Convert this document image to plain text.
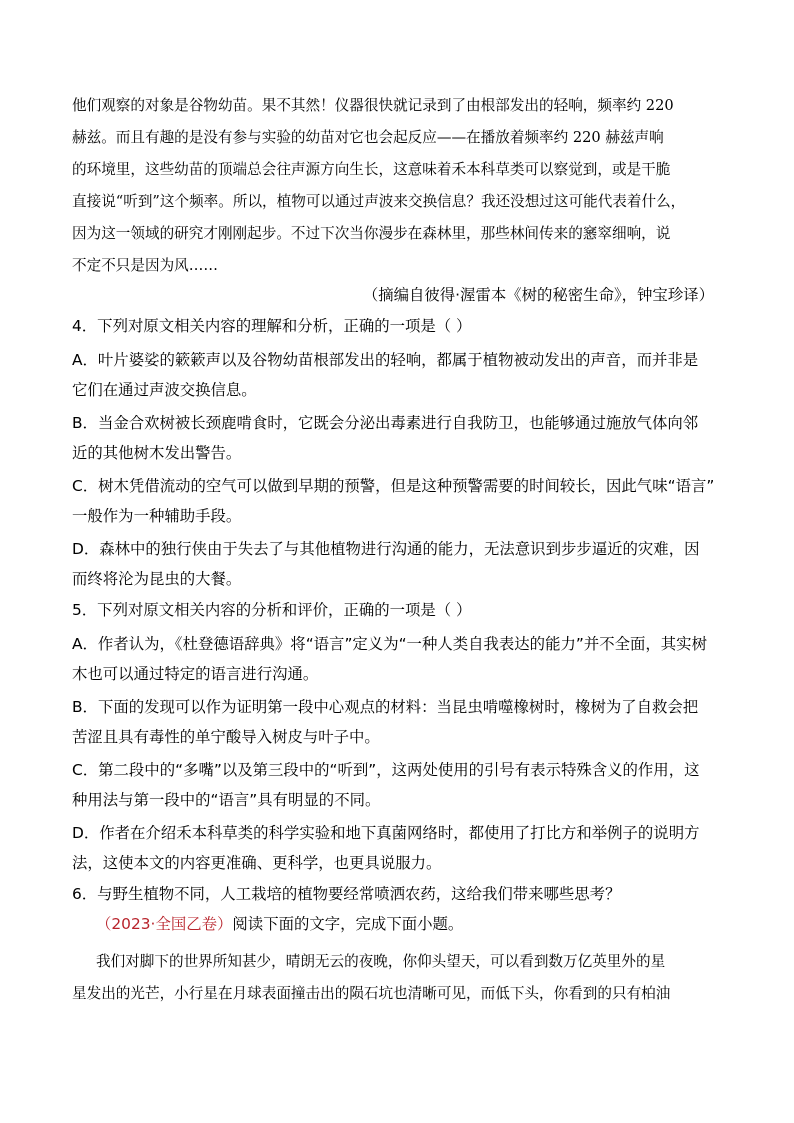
他们观察的对象是谷物幼苗。果不其然！仪器很快就记录到了由根部发出的轻响，频率约 220
赫兹。而且有趣的是没有参与实验的幼苗对它也会起反应——在播放着频率约 220 赫兹声响
的环境里，这些幼苗的顶端总会往声源方向生长，这意味着禾本科草类可以察觉到，或是干脆
直接说“听到”这个频率。所以，植物可以通过声波来交换信息？我还没想过这可能代表着什么，
因为这一领域的研究才刚刚起步。不过下次当你漫步在森林里，那些林间传来的窸窣细响，说
不定不只是因为风……
（摘编自彼得·渥雷本《树的秘密生命》，钟宝珍译）
4．下列对原文相关内容的理解和分析，正确的一项是（ ）
A．叶片婆娑的簌簌声以及谷物幼苗根部发出的轻响，都属于植物被动发出的声音，而并非是
它们在通过声波交换信息。
B．当金合欢树被长颈鹿啃食时，它既会分泌出毒素进行自我防卫，也能够通过施放气体向邻
近的其他树木发出警告。
C．树木凭借流动的空气可以做到早期的预警，但是这种预警需要的时间较长，因此气味“语言”
一般作为一种辅助手段。
D．森林中的独行侠由于失去了与其他植物进行沟通的能力，无法意识到步步逼近的灾难，因
而终将沦为昆虫的大餐。
5．下列对原文相关内容的分析和评价，正确的一项是（ ）
A．作者认为，《杜登德语辞典》将“语言”定义为“一种人类自我表达的能力”并不全面，其实树
木也可以通过特定的语言进行沟通。
B．下面的发现可以作为证明第一段中心观点的材料：当昆虫啃噬橡树时，橡树为了自救会把
苦涩且具有毒性的单宁酸导入树皮与叶子中。
C．第二段中的“多嘴”以及第三段中的“听到”，这两处使用的引号有表示特殊含义的作用，这
种用法与第一段中的“语言”具有明显的不同。
D．作者在介绍禾本科草类的科学实验和地下真菌网络时，都使用了打比方和举例子的说明方
法，这使本文的内容更准确、更科学，也更具说服力。
6．与野生植物不同，人工栽培的植物要经常喷洒农药，这给我们带来哪些思考？
（2023·全国乙卷）阅读下面的文字，完成下面小题。
我们对脚下的世界所知甚少，晴朗无云的夜晚，你仰头望天，可以看到数万亿英里外的星
星发出的光芒，小行星在月球表面撞击出的陨石坑也清晰可见，而低下头，你看到的只有柏油
